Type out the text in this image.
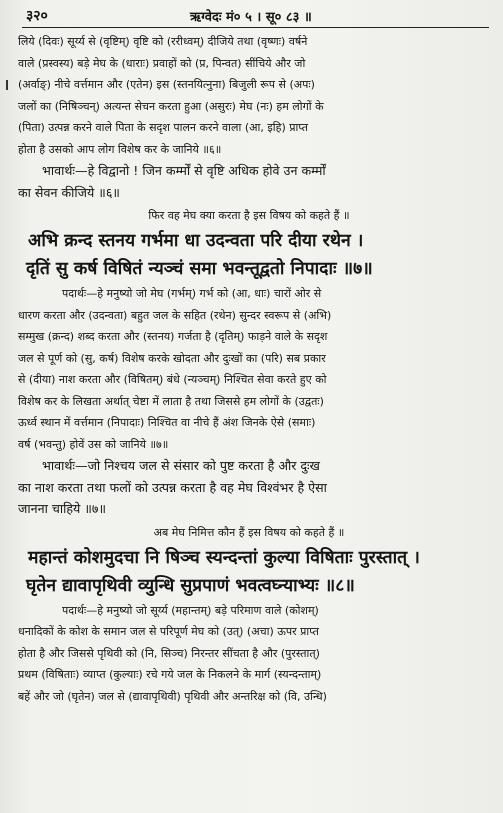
३२०	ऋग्वेदः मं० ५ । सू० ८३ ॥
लिये (दिवः) सूर्य्य से (वृष्टिम्) वृष्टि को (ररीध्वम्) दीजिये तथा (वृष्णः) वर्षने
वाले (प्रस्वस्य) बड़े मेघ के (धाराः) प्रवाहों को (प्र, पिन्वत) सींचिये और जो
(अर्वाङ्) नीचे वर्त्तमान और (एतेन) इस (स्तनयित्नुना) बिजुली रूप से (अपः)
जलों का (निषिञ्चन्) अत्यन्त सेचन करता हुआ (असुरः) मेघ (नः) हम लोगों के
(पिता) उत्पन्न करने वाले पिता के सदृश पालन करने वाला (आ, इहि) प्राप्त
होता है उसको आप लोग विशेष कर के जानिये ॥६॥
भावार्थः—हे विद्वानो ! जिन कर्म्मों से वृष्टि अधिक होवे उन कर्म्मों
का सेवन कीजिये ॥६॥
फिर वह मेघ क्या करता है इस विषय को कहते हैं ॥
अभि क्रन्द स्तनय गर्भमा धा उदन्वता परि दीया रथेन ।
दृतिं सु कर्ष विषितं न्यञ्चं समा भवन्तूद्वतो निपादाः ॥७॥
पदार्थः—हे मनुष्यो जो मेघ (गर्भम्) गर्भ को (आ, धाः) चारों ओर से
धारण करता और (उदन्वता) बहुत जल के सहित (रथेन) सुन्दर स्वरूप से (अभि)
सम्मुख (क्रन्द) शब्द करता और (स्तनय) गर्जता है (दृतिम्) फाड़ने वाले के सदृश
जल से पूर्ण को (सु, कर्ष) विशेष करके खोदता और दुःखों का (परि) सब प्रकार
से (दीया) नाश करता और (विषितम्) बंधे (न्यञ्चम्) निश्चित सेवा करते हुए को
विशेष कर के लिखता अर्थात् चेष्टा में लाता है तथा जिससे हम लोगों के (उद्वतः)
ऊर्ध्व स्थान में वर्त्तमान (निपादाः) निश्चित वा नीचे हैं अंश जिनके ऐसे (समाः)
वर्ष (भवन्तु) होवें उस को जानिये ॥७॥
भावार्थः—जो निश्चय जल से संसार को पुष्ट करता है और दुःख
का नाश करता तथा फलों को उत्पन्न करता है वह मेघ विश्वंभर है ऐसा
जानना चाहिये ॥७॥
अब मेघ निमित्त कौन हैं इस विषय को कहते हैं ॥
महान्तं कोशमुदचा नि षिञ्च स्यन्दन्तां कुल्या विषिताः पुरस्तात् ।
घृतेन द्यावापृथिवी व्युन्धि सुप्रपाणं भवत्वघ्न्याभ्यः ॥८॥
पदार्थः—हे मनुष्यो जो सूर्य्य (महान्तम्) बड़े परिमाण वाले (कोशम्)
धनादिकों के कोश के समान जल से परिपूर्ण मेघ को (उत्) (अचा) ऊपर प्राप्त
होता है और जिससे पृथिवी को (नि, सिञ्च) निरन्तर सींचता है और (पुरस्तात्)
प्रथम (विषिताः) व्याप्त (कुल्याः) रचे गये जल के निकलने के मार्ग (स्यन्दन्ताम्)
बहें और जो (घृतेन) जल से (द्यावापृथिवी) पृथिवी और अन्तरिक्ष को (वि, उन्धि)
